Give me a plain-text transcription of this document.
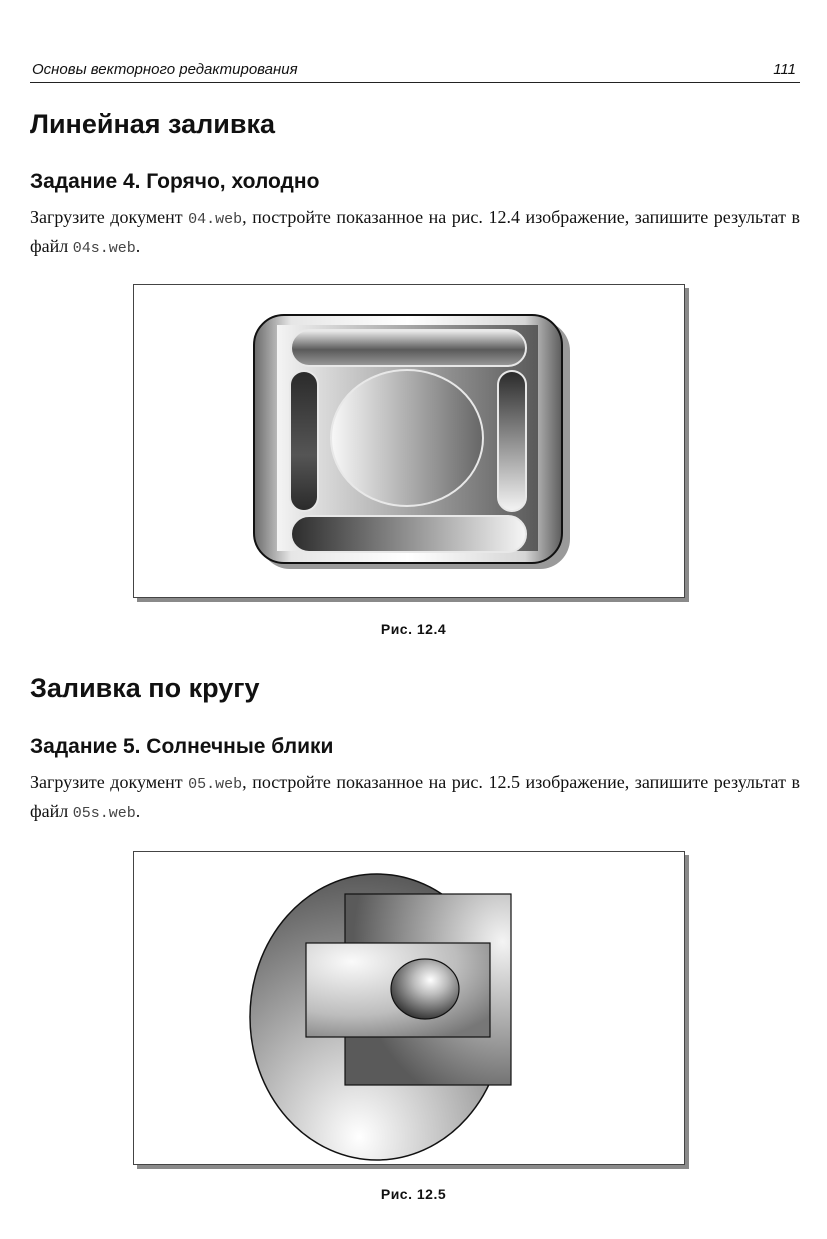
Основы векторного редактирования	111
Линейная заливка
Задание 4. Горячо, холодно

Загрузите документ 04.web, постройте показанное на рис. 12.4 изображение, запишите результат в файл 04s.web.

Рис. 12.4
Заливка по кругу
Задание 5. Солнечные блики

Загрузите документ 05.web, постройте показанное на рис. 12.5 изображение, запишите результат в файл 05s.web.

Рис. 12.5
